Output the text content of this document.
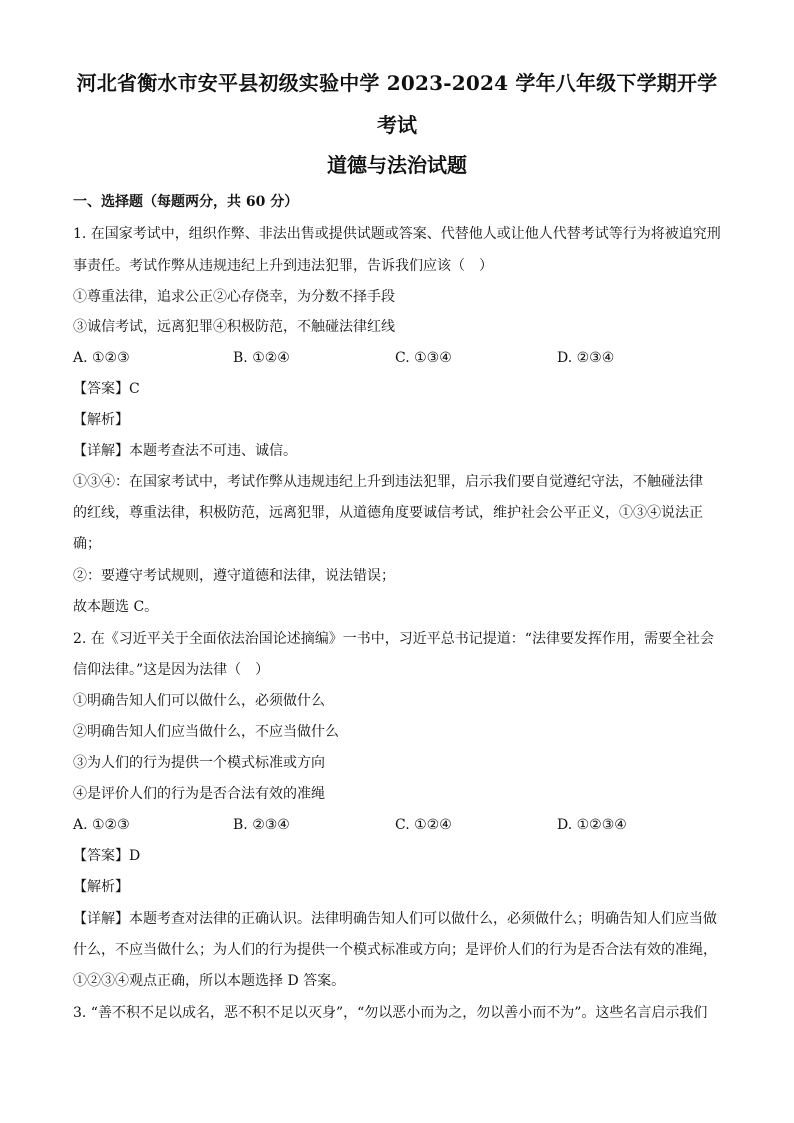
河北省衡水市安平县初级实验中学 2023-2024 学年八年级下学期开学
考试
道德与法治试题
一、选择题（每题两分，共 60 分）
1. 在国家考试中，组织作弊、非法出售或提供试题或答案、代替他人或让他人代替考试等行为将被追究刑
事责任。考试作弊从违规违纪上升到违法犯罪，告诉我们应该（　）
①尊重法律，追求公正②心存侥幸，为分数不择手段
③诚信考试，远离犯罪④积极防范，不触碰法律红线
A. ①②③	B. ①②④	C. ①③④	D. ②③④
【答案】C
【解析】
【详解】本题考查法不可违、诚信。
①③④：在国家考试中，考试作弊从违规违纪上升到违法犯罪，启示我们要自觉遵纪守法，不触碰法律
的红线，尊重法律，积极防范，远离犯罪，从道德角度要诚信考试，维护社会公平正义，①③④说法正
确；
②：要遵守考试规则，遵守道德和法律，说法错误；
故本题选 C。
2. 在《习近平关于全面依法治国论述摘编》一书中，习近平总书记提道：“法律要发挥作用，需要全社会
信仰法律。”这是因为法律（　）
①明确告知人们可以做什么，必须做什么
②明确告知人们应当做什么，不应当做什么
③为人们的行为提供一个模式标准或方向
④是评价人们的行为是否合法有效的准绳
A. ①②③	B. ②③④	C. ①②④	D. ①②③④
【答案】D
【解析】
【详解】本题考查对法律的正确认识。法律明确告知人们可以做什么，必须做什么；明确告知人们应当做
什么，不应当做什么；为人们的行为提供一个模式标准或方向；是评价人们的行为是否合法有效的准绳，
①②③④观点正确，所以本题选择 D 答案。
3. “善不积不足以成名，恶不积不足以灭身”，“勿以恶小而为之，勿以善小而不为”。这些名言启示我们
